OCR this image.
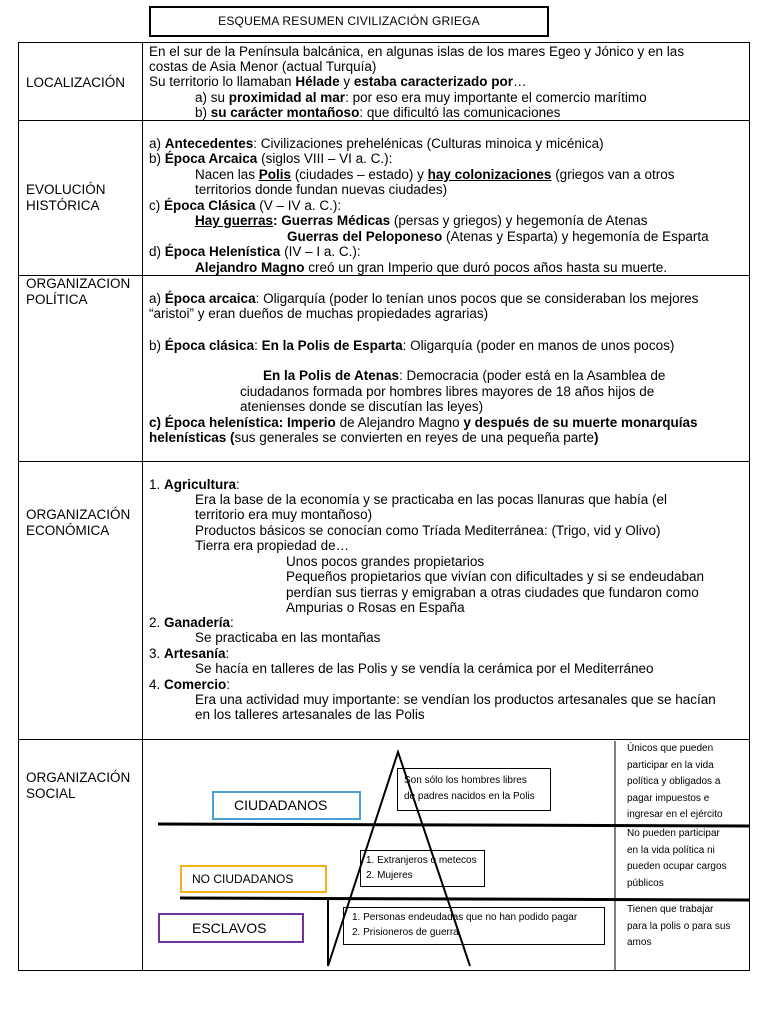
ESQUEMA RESUMEN CIVILIZACIÓN GRIEGA
LOCALIZACIÓN
En el sur de la Península balcánica, en algunas islas de los mares Egeo y Jónico y en las
costas de Asia Menor (actual Turquía)
Su territorio lo llamaban Hélade y estaba caracterizado por…
a) su proximidad al mar: por eso era muy importante el comercio marítimo
b) su carácter montañoso: que dificultó las comunicaciones
EVOLUCIÓN
HISTÓRICA
a) Antecedentes: Civilizaciones prehelénicas (Culturas minoica y micénica)
b) Época Arcaica (siglos VIII – VI a. C.):
Nacen las Polis (ciudades – estado) y hay colonizaciones (griegos van a otros
territorios donde fundan nuevas ciudades)
c) Época Clásica (V – IV a. C.):
Hay guerras: Guerras Médicas (persas y griegos) y hegemonía de Atenas
Guerras del Peloponeso (Atenas y Esparta) y hegemonía de Esparta
d) Época Helenística (IV – I a. C.):
Alejandro Magno creó un gran Imperio que duró pocos años hasta su muerte.
ORGANIZACION
POLÍTICA	a) Época arcaica: Oligarquía (poder lo tenían unos pocos que se consideraban los mejores
“aristoi” y eran dueños de muchas propiedades agrarias)
b) Época clásica: En la Polis de Esparta: Oligarquía (poder en manos de unos pocos)
En la Polis de Atenas: Democracia (poder está en la Asamblea de
ciudadanos formada por hombres libres mayores de 18 años hijos de
atenienses donde se discutían las leyes)
c) Época helenística: Imperio de Alejandro Magno y después de su muerte monarquías
helenísticas (sus generales se convierten en reyes de una pequeña parte)
ORGANIZACIÓN
ECONÓMICA
1. Agricultura:
Era la base de la economía y se practicaba en las pocas llanuras que había (el
territorio era muy montañoso)
Productos básicos se conocían como Tríada Mediterránea: (Trigo, vid y Olivo)
Tierra era propiedad de…
Unos pocos grandes propietarios
Pequeños propietarios que vivían con dificultades y si se endeudaban
perdían sus tierras y emigraban a otras ciudades que fundaron como
Ampurias o Rosas en España
2. Ganadería:
Se practicaba en las montañas
3. Artesanía:
Se hacía en talleres de las Polis y se vendía la cerámica por el Mediterráneo
4. Comercio:
Era una actividad muy importante: se vendían los productos artesanales que se hacían
en los talleres artesanales de las Polis
ORGANIZACIÓN
SOCIAL
CIUDADANOS
NO CIUDADANOS
ESCLAVOS
Son sólo los hombres libres
de padres nacidos en la Polis
1. Extranjeros o metecos
2. Mujeres
1. Personas endeudadas que no han podido pagar
2. Prisioneros de guerra
Únicos que pueden
participar en la vida
política y obligados a
pagar impuestos e
ingresar en el ejército
No pueden participar
en la vida política ni
pueden ocupar cargos
públicos
Tienen que trabajar
para la polis o para sus
amos
